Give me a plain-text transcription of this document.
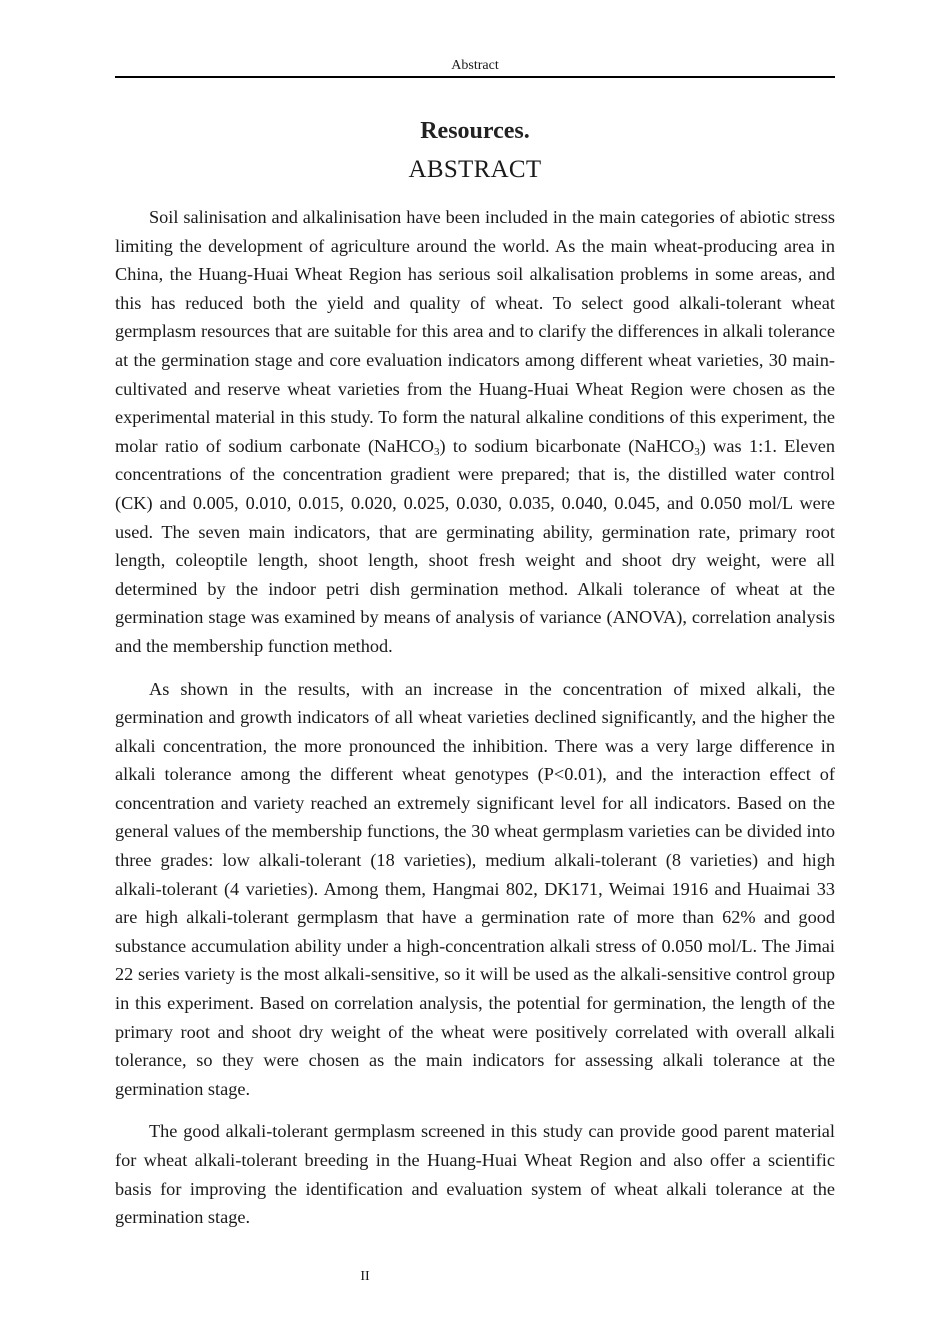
Abstract
Resources.
ABSTRACT

Soil salinisation and alkalinisation have been included in the main categories of abiotic stress limiting the development of agriculture around the world. As the main wheat-producing area in China, the Huang-Huai Wheat Region has serious soil alkalisation problems in some areas, and this has reduced both the yield and quality of wheat. To select good alkali-tolerant wheat germplasm resources that are suitable for this area and to clarify the differences in alkali tolerance at the germination stage and core evaluation indicators among different wheat varieties, 30 main-cultivated and reserve wheat varieties from the Huang-Huai Wheat Region were chosen as the experimental material in this study. To form the natural alkaline conditions of this experiment, the molar ratio of sodium carbonate (NaHCO$_3$) to sodium bicarbonate (NaHCO$_3$) was 1:1. Eleven concentrations of the concentration gradient were prepared; that is, the distilled water control (CK) and 0.005, 0.010, 0.015, 0.020, 0.025, 0.030, 0.035, 0.040, 0.045, and 0.050 mol/L were used. The seven main indicators, that are germinating ability, germination rate, primary root length, coleoptile length, shoot length, shoot fresh weight and shoot dry weight, were all determined by the indoor petri dish germination method. Alkali tolerance of wheat at the germination stage was examined by means of analysis of variance (ANOVA), correlation analysis and the membership function method.

As shown in the results, with an increase in the concentration of mixed alkali, the germination and growth indicators of all wheat varieties declined significantly, and the higher the alkali concentration, the more pronounced the inhibition. There was a very large difference in alkali tolerance among the different wheat genotypes (P<0.01), and the interaction effect of concentration and variety reached an extremely significant level for all indicators. Based on the general values of the membership functions, the 30 wheat germplasm varieties can be divided into three grades: low alkali-tolerant (18 varieties), medium alkali-tolerant (8 varieties) and high alkali-tolerant (4 varieties). Among them, Hangmai 802, DK171, Weimai 1916 and Huaimai 33 are high alkali-tolerant germplasm that have a germination rate of more than 62% and good substance accumulation ability under a high-concentration alkali stress of 0.050 mol/L. The Jimai 22 series variety is the most alkali-sensitive, so it will be used as the alkali-sensitive control group in this experiment. Based on correlation analysis, the potential for germination, the length of the primary root and shoot dry weight of the wheat were positively correlated with overall alkali tolerance, so they were chosen as the main indicators for assessing alkali tolerance at the germination stage.

The good alkali-tolerant germplasm screened in this study can provide good parent material for wheat alkali-tolerant breeding in the Huang-Huai Wheat Region and also offer a scientific basis for improving the identification and evaluation system of wheat alkali tolerance at the germination stage.

II
